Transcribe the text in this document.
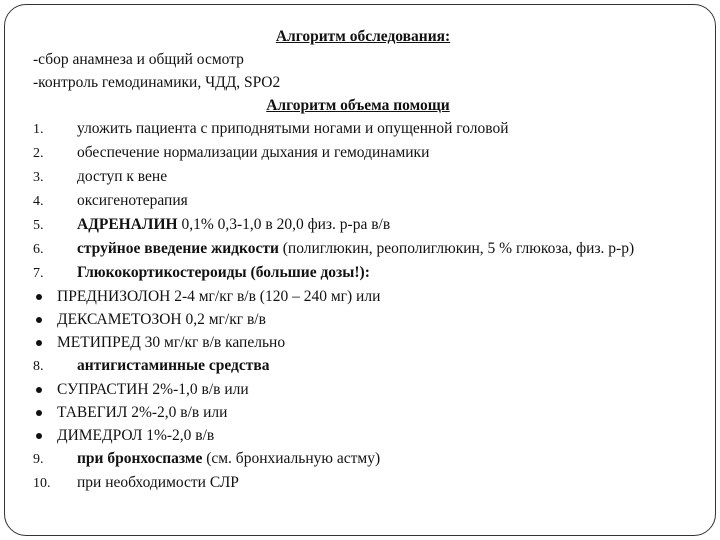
Алгоритм обследования:
-сбор анамнеза и общий осмотр
-контроль гемодинамики, ЧДД, SPO2
Алгоритм объема помощи
1.	уложить пациента с приподнятыми ногами и опущенной головой
2.	обеспечение нормализации дыхания и гемодинамики
3.	доступ к вене
4.	оксигенотерапия
5.	АДРЕНАЛИН 0,1% 0,3-1,0 в 20,0 физ. р-ра в/в
6.	струйное введение жидкости (полиглюкин, реополиглюкин, 5 % глюкоза, физ. р-р)
7.	Глюкокортикостероиды (большие дозы!):
ПРЕДНИЗОЛОН 2-4 мг/кг в/в (120 – 240 мг) или
ДЕКСАМЕТОЗОН 0,2 мг/кг в/в
МЕТИПРЕД 30 мг/кг в/в капельно
8.	антигистаминные средства
СУПРАСТИН 2%-1,0 в/в или
ТАВЕГИЛ 2%-2,0 в/в или
ДИМЕДРОЛ 1%-2,0 в/в
9.	при бронхоспазме (см. бронхиальную астму)
10.	при необходимости СЛР
